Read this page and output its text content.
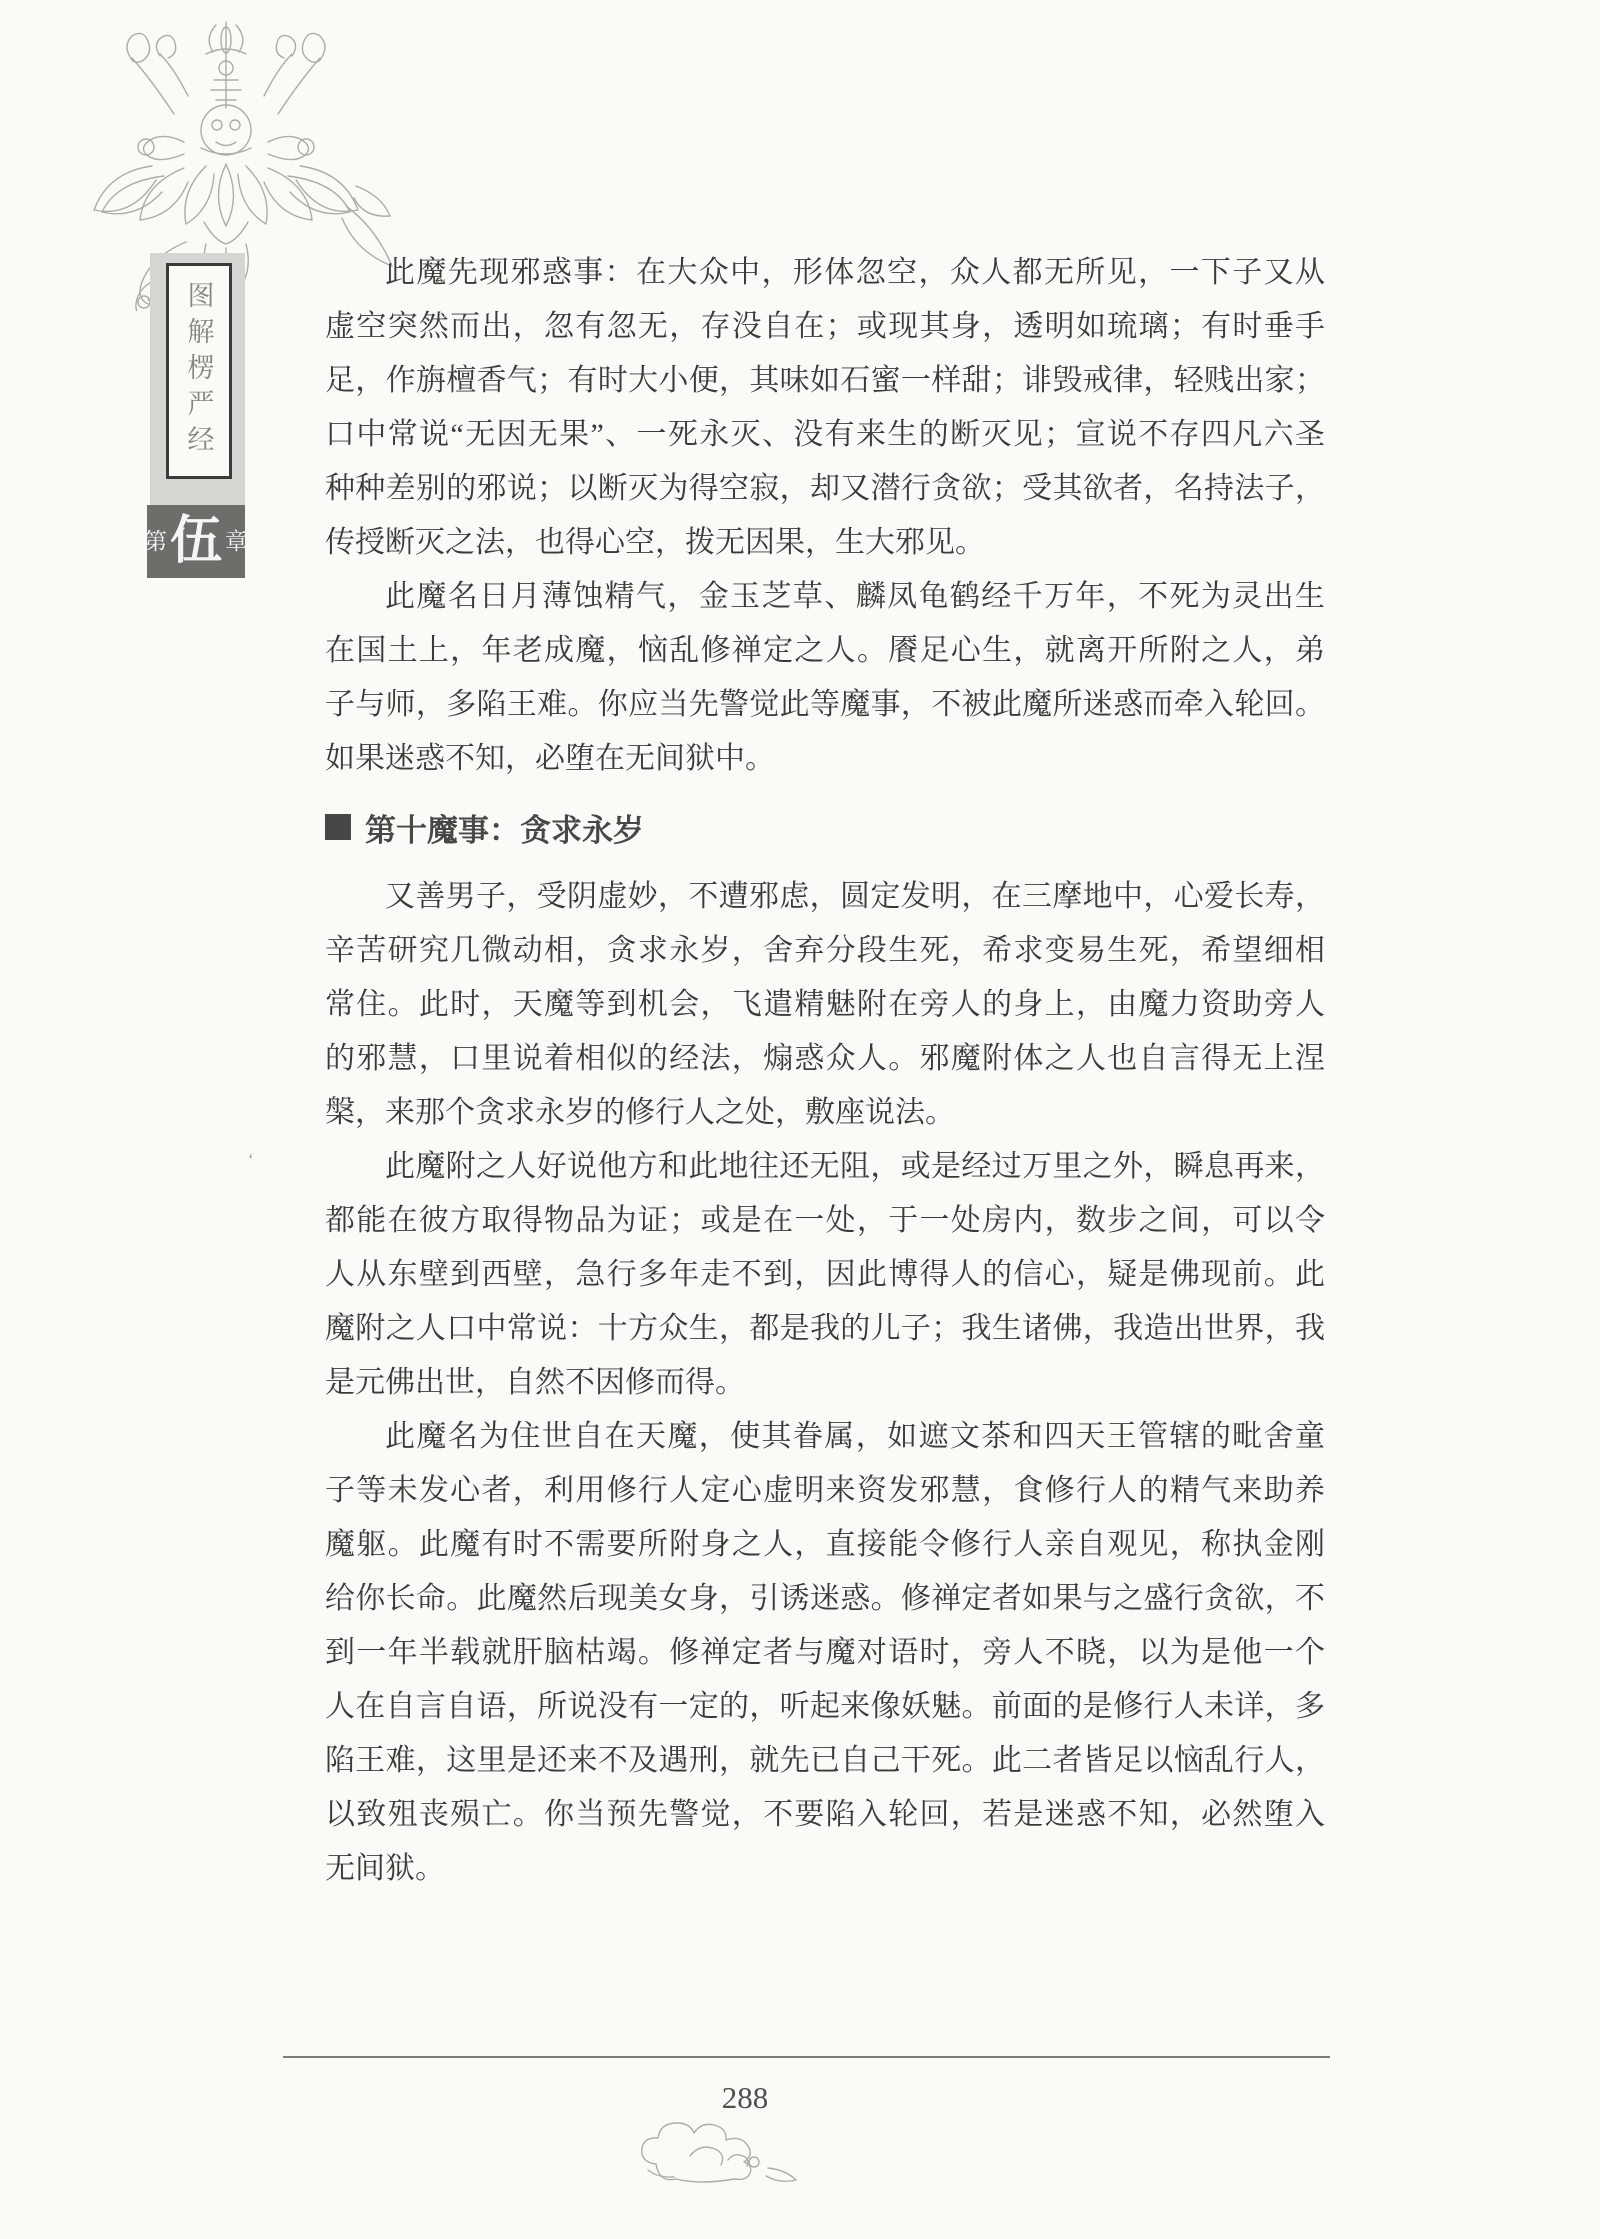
图解楞严经
第 伍 章
此魔先现邪惑事：在大众中，形体忽空，众人都无所见，一下子又从
虚空突然而出，忽有忽无，存没自在；或现其身，透明如琉璃；有时垂手
足，作旃檀香气；有时大小便，其味如石蜜一样甜；诽毁戒律，轻贱出家；
口中常说“无因无果”、一死永灭、没有来生的断灭见；宣说不存四凡六圣
种种差别的邪说；以断灭为得空寂，却又潜行贪欲；受其欲者，名持法子，
传授断灭之法，也得心空，拨无因果，生大邪见。
此魔名日月薄蚀精气，金玉芝草、麟凤龟鹤经千万年，不死为灵出生
在国土上，年老成魔，恼乱修禅定之人。餍足心生，就离开所附之人，弟
子与师，多陷王难。你应当先警觉此等魔事，不被此魔所迷惑而牵入轮回。
如果迷惑不知，必堕在无间狱中。
第十魔事：贪求永岁
又善男子，受阴虚妙，不遭邪虑，圆定发明，在三摩地中，心爱长寿，
辛苦研究几微动相，贪求永岁，舍弃分段生死，希求变易生死，希望细相
常住。此时，天魔等到机会，飞遣精魅附在旁人的身上，由魔力资助旁人
的邪慧，口里说着相似的经法，煽惑众人。邪魔附体之人也自言得无上涅
槃，来那个贪求永岁的修行人之处，敷座说法。
此魔附之人好说他方和此地往还无阻，或是经过万里之外，瞬息再来，
都能在彼方取得物品为证；或是在一处，于一处房内，数步之间，可以令
人从东壁到西壁，急行多年走不到，因此博得人的信心，疑是佛现前。此
魔附之人口中常说：十方众生，都是我的儿子；我生诸佛，我造出世界，我
是元佛出世，自然不因修而得。
此魔名为住世自在天魔，使其眷属，如遮文茶和四天王管辖的毗舍童
子等未发心者，利用修行人定心虚明来资发邪慧，食修行人的精气来助养
魔躯。此魔有时不需要所附身之人，直接能令修行人亲自观见，称执金刚
给你长命。此魔然后现美女身，引诱迷惑。修禅定者如果与之盛行贪欲，不
到一年半载就肝脑枯竭。修禅定者与魔对语时，旁人不晓，以为是他一个
人在自言自语，所说没有一定的，听起来像妖魅。前面的是修行人未详，多
陷王难，这里是还来不及遇刑，就先已自己干死。此二者皆足以恼乱行人，
以致殂丧殒亡。你当预先警觉，不要陷入轮回，若是迷惑不知，必然堕入
无间狱。
ʻ
288
